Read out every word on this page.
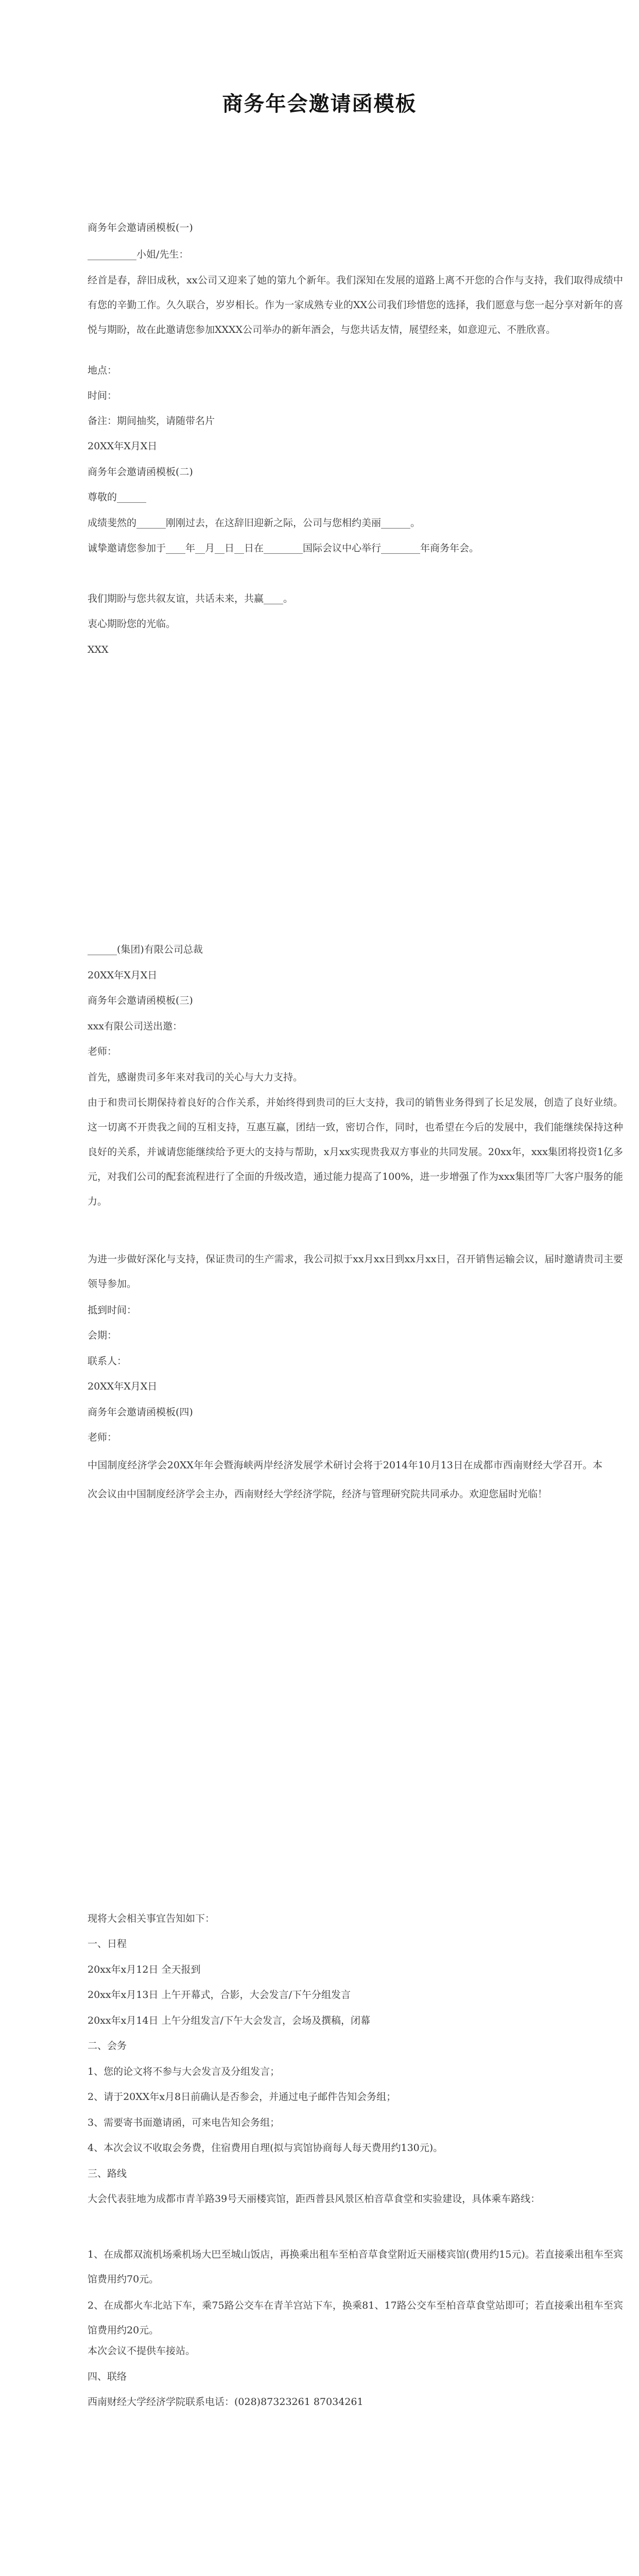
商务年会邀请函模板
商务年会邀请函模板(一)
__________小姐/先生：
经首是春，辞旧成秋，xx公司又迎来了她的第九个新年。我们深知在发展的道路上离不开您的合作与支持，我们取得成绩中有您的辛勤工作。久久联合，岁岁相长。作为一家成熟专业的XX公司我们珍惜您的选择，我们愿意与您一起分享对新年的喜悦与期盼，故在此邀请您参加XXXX公司举办的新年酒会，与您共话友情，展望经来，如意迎元、不胜欣喜。
地点：
时间：
备注：期间抽奖，请随带名片
20XX年X月X日
商务年会邀请函模板(二)
尊敬的______
成绩斐然的______刚刚过去，在这辞旧迎新之际，公司与您相约美丽______。
诚挚邀请您参加于____年__月__日__日在________国际会议中心举行________年商务年会。
我们期盼与您共叙友谊，共话未来，共赢____。
衷心期盼您的光临。
XXX
______(集团)有限公司总裁
20XX年X月X日
商务年会邀请函模板(三)
xxx有限公司送出邀：
老师：
首先，感谢贵司多年来对我司的关心与大力支持。
由于和贵司长期保持着良好的合作关系，并始终得到贵司的巨大支持，我司的销售业务得到了长足发展，创造了良好业绩。这一切离不开贵我之间的互相支持，互惠互赢，团结一致，密切合作，同时，也希望在今后的发展中，我们能继续保持这种良好的关系，并诚请您能继续给予更大的支持与帮助，x月xx实现贵我双方事业的共同发展。20xx年，xxx集团将投资1亿多元，对我们公司的配套流程进行了全面的升级改造，通过能力提高了100%，进一步增强了作为xxx集团等厂大客户服务的能力。
为进一步做好深化与支持，保证贵司的生产需求，我公司拟于xx月xx日到xx月xx日，召开销售运输会议，届时邀请贵司主要领导参加。
抵到时间：
会期：
联系人：
20XX年X月X日
商务年会邀请函模板(四)
老师：
中国制度经济学会20XX年年会暨海峡两岸经济发展学术研讨会将于2014年10月13日在成都市西南财经大学召开。本次会议由中国制度经济学会主办，西南财经大学经济学院，经济与管理研究院共同承办。欢迎您届时光临！
现将大会相关事宜告知如下：
一、日程
20xx年x月12日 全天报到
20xx年x月13日 上午开幕式，合影，大会发言/下午分组发言
20xx年x月14日 上午分组发言/下午大会发言，会场及撰稿，闭幕
二、会务
1、您的论文将不参与大会发言及分组发言；
2、请于20XX年x月8日前确认是否参会，并通过电子邮件告知会务组；
3、需要寄书面邀请函，可来电告知会务组；
4、本次会议不收取会务费，住宿费用自理(拟与宾馆协商每人每天费用约130元)。
三、路线
大会代表驻地为成都市青羊路39号天丽楼宾馆，距西普县风景区柏音草食堂和实验建设，具体乘车路线：
1、在成都双流机场乘机场大巴至城山饭店，再换乘出租车至柏音草食堂附近天丽楼宾馆(费用约15元)。若直接乘出租车至宾馆费用约70元。
2、在成都火车北站下车，乘75路公交车在青羊宫站下车，换乘81、17路公交车至柏音草食堂站即可；若直接乘出租车至宾馆费用约20元。
本次会议不提供车接站。
四、联络
西南财经大学经济学院联系电话：(028)87323261 87034261
